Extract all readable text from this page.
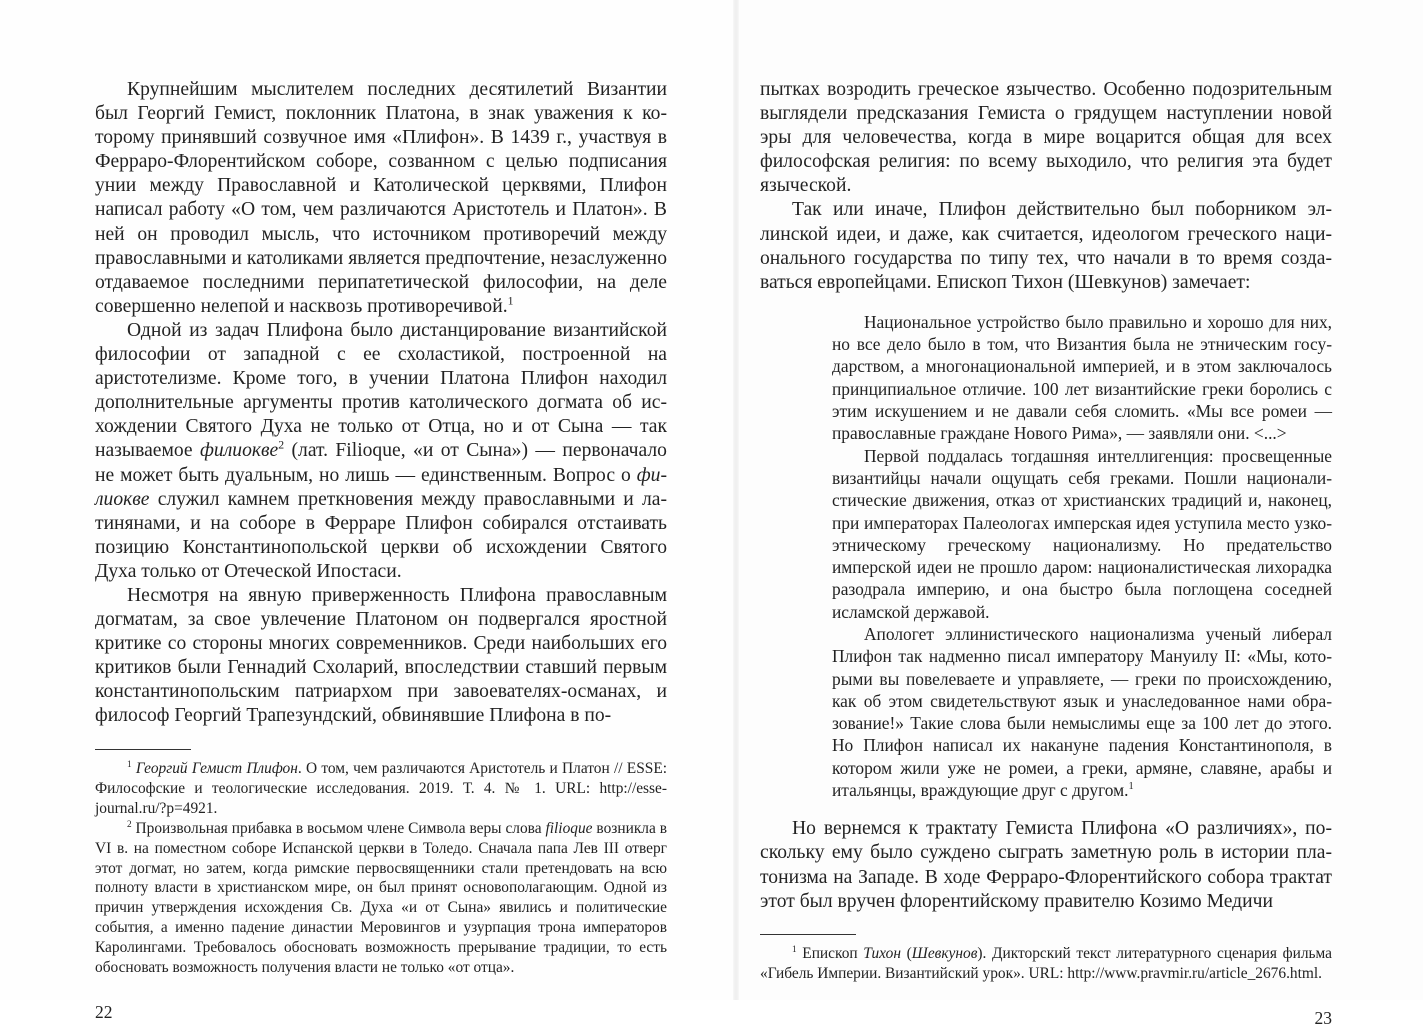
Крупнейшим мыслителем последних десятилетий Византии был Георгий Гемист, поклонник Платона, в знак уважения к которому принявший созвучное имя «Плифон». В 1439 г., участвуя в Ферраро-Флорентийском соборе, созванном с целью подписания унии между Православной и Католической церквями, Плифон написал работу «О том, чем различаются Аристотель и Платон». В ней он проводил мысль, что источником противоречий между православными и католиками является предпочтение, незаслуженно отдаваемое последними перипатетической философии, на деле совершенно нелепой и насквозь противоречивой.$^1$

Одной из задач Плифона было дистанцирование византийской философии от западной с ее схоластикой, построенной на аристотелизме. Кроме того, в учении Платона Плифон находил дополнительные аргументы против католического догмата об исхождении Святого Духа не только от Отца, но и от Сына — так называемое филиокве$^2$ (лат. Filioque, «и от Сына») — первоначало не может быть дуальным, но лишь — единственным. Вопрос о филиокве служил камнем преткновения между православными и латинянами, и на соборе в Ферраре Плифон собирался отстаивать позицию Константинопольской церкви об исхождении Святого Духа только от Отеческой Ипостаси.

Несмотря на явную приверженность Плифона православным догматам, за свое увлечение Платоном он подвергался яростной критике со стороны многих современников. Среди наибольших его критиков были Геннадий Схоларий, впоследствии ставший первым константинопольским патриархом при завоевателях-османах, и философ Георгий Трапезундский, обвинявшие Плифона в по-

$^1$ Георгий Гемист Плифон. О том, чем различаются Аристотель и Платон // ESSE: Философские и теологические исследования. 2019. Т. 4. № 1. URL: http://esse-journal.ru/?p=4921.

$^2$ Произвольная прибавка в восьмом члене Символа веры слова filioque возникла в VI в. на поместном соборе Испанской церкви в Толедо. Сначала папа Лев III отверг этот догмат, но затем, когда римские первосвященники стали претендовать на всю полноту власти в христианском мире, он был принят основополагающим. Одной из причин утверждения исхождения Св. Духа «и от Сына» явились и политические события, а именно падение династии Меровингов и узурпация трона императоров Каролингами. Требовалось обосновать возможность прерывание традиции, то есть обосновать возможность получения власти не только «от отца».

22

пытках возродить греческое язычество. Особенно подозрительным выглядели предсказания Гемиста о грядущем наступлении новой эры для человечества, когда в мире воцарится общая для всех философская религия: по всему выходило, что религия эта будет языческой.

Так или иначе, Плифон действительно был поборником эллинской идеи, и даже, как считается, идеологом греческого национального государства по типу тех, что начали в то время создаваться европейцами. Епископ Тихон (Шевкунов) замечает:

Национальное устройство было правильно и хорошо для них, но все дело было в том, что Византия была не этническим государством, а многонациональной империей, и в этом заключалось принципиальное отличие. 100 лет византийские греки боролись с этим искушением и не давали себя сломить. «Мы все ромеи — православные граждане Нового Рима», — заявляли они. <...>

Первой поддалась тогдашняя интеллигенция: просвещенные византийцы начали ощущать себя греками. Пошли националистические движения, отказ от христианских традиций и, наконец, при императорах Палеологах имперская идея уступила место узко-этническому греческому национализму. Но предательство имперской идеи не прошло даром: националистическая лихорадка разодрала империю, и она быстро была поглощена соседней исламской державой.

Апологет эллинистического национализма ученый либерал Плифон так надменно писал императору Мануилу II: «Мы, которыми вы повелеваете и управляете, — греки по происхождению, как об этом свидетельствуют язык и унаследованное нами образование!» Такие слова были немыслимы еще за 100 лет до этого. Но Плифон написал их накануне падения Константинополя, в котором жили уже не ромеи, а греки, армяне, славяне, арабы и итальянцы, враждующие друг с другом.$^1$

Но вернемся к трактату Гемиста Плифона «О различиях», поскольку ему было суждено сыграть заметную роль в истории платонизма на Западе. В ходе Ферраро-Флорентийского собора трактат этот был вручен флорентийскому правителю Козимо Медичи

$^1$ Епископ Тихон (Шевкунов). Дикторский текст литературного сценария фильма «Гибель Империи. Византийский урок». URL: http://www.pravmir.ru/article_2676.html.

23
